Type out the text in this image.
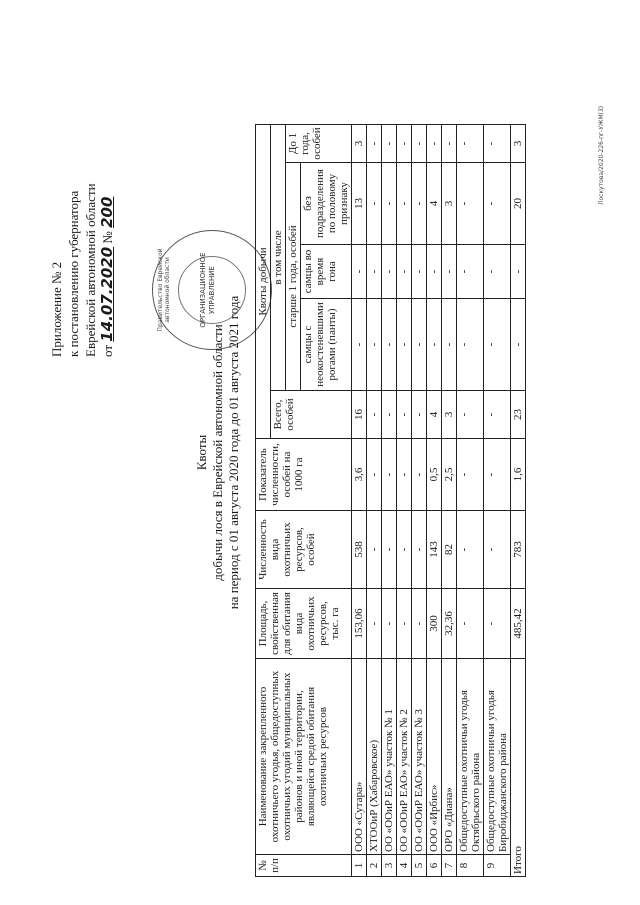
Приложение № 2 к постановлению губернатора Еврейской автономной области от 14.07.2020 № 200
Правительство Еврейской автономной области	ОРГАНИЗАЦИОННОЕ УПРАВЛЕНИЕ
Квоты добычи лося в Еврейской автономной области на период с 01 августа 2020 года до 01 августа 2021 года
№ п/п	Наименование закрепленного охотничьего угодья, общедоступных охотничьих угодий муниципальных районов и иной территории, являющейся средой обитания охотничьих ресурсов	Площадь, свойственная для обитания вида охотничьих ресурсов, тыс. га	Численность вида охотничьих ресурсов, особей	Показатель численности, особей на 1000 га	Квоты добычи				
					Всего, особей	в том числе			
						старше 1 года, особей			До 1 года, особей
						самцы с неокостеневшими рогами (панты)	самцы во время гона	без подразделения по половому признаку	
1	ООО «Сутара»	153,06	538	3,6	16	-	-	13	3
2	ХТООиР (Хабаровское)	-	-	-	-	-	-	-	-
3	ОО «ООиР ЕАО» участок № 1	-	-	-	-	-	-	-	-
4	ОО «ООиР ЕАО» участок № 2	-	-	-	-	-	-	-	-
5	ОО «ООиР ЕАО» участок № 3	-	-	-	-	-	-	-	-
6	ООО «Ирбис»	300	143	0,5	4	-	-	4	-
7	ОРО «Диана»	32,36	82	2,5	3	-	-	3	-
8	Общедоступные охотничьи угодья Октябрьского района	-	-	-	-	-	-	-	-
9	Общедоступные охотничьи угодья Биробиджанского района	-	-	-	-	-	-	-	-
Итого		485,42	783	1,6	23	-	-	20	3	Лоскутова/2020-226-пг-УЖМ(3)
